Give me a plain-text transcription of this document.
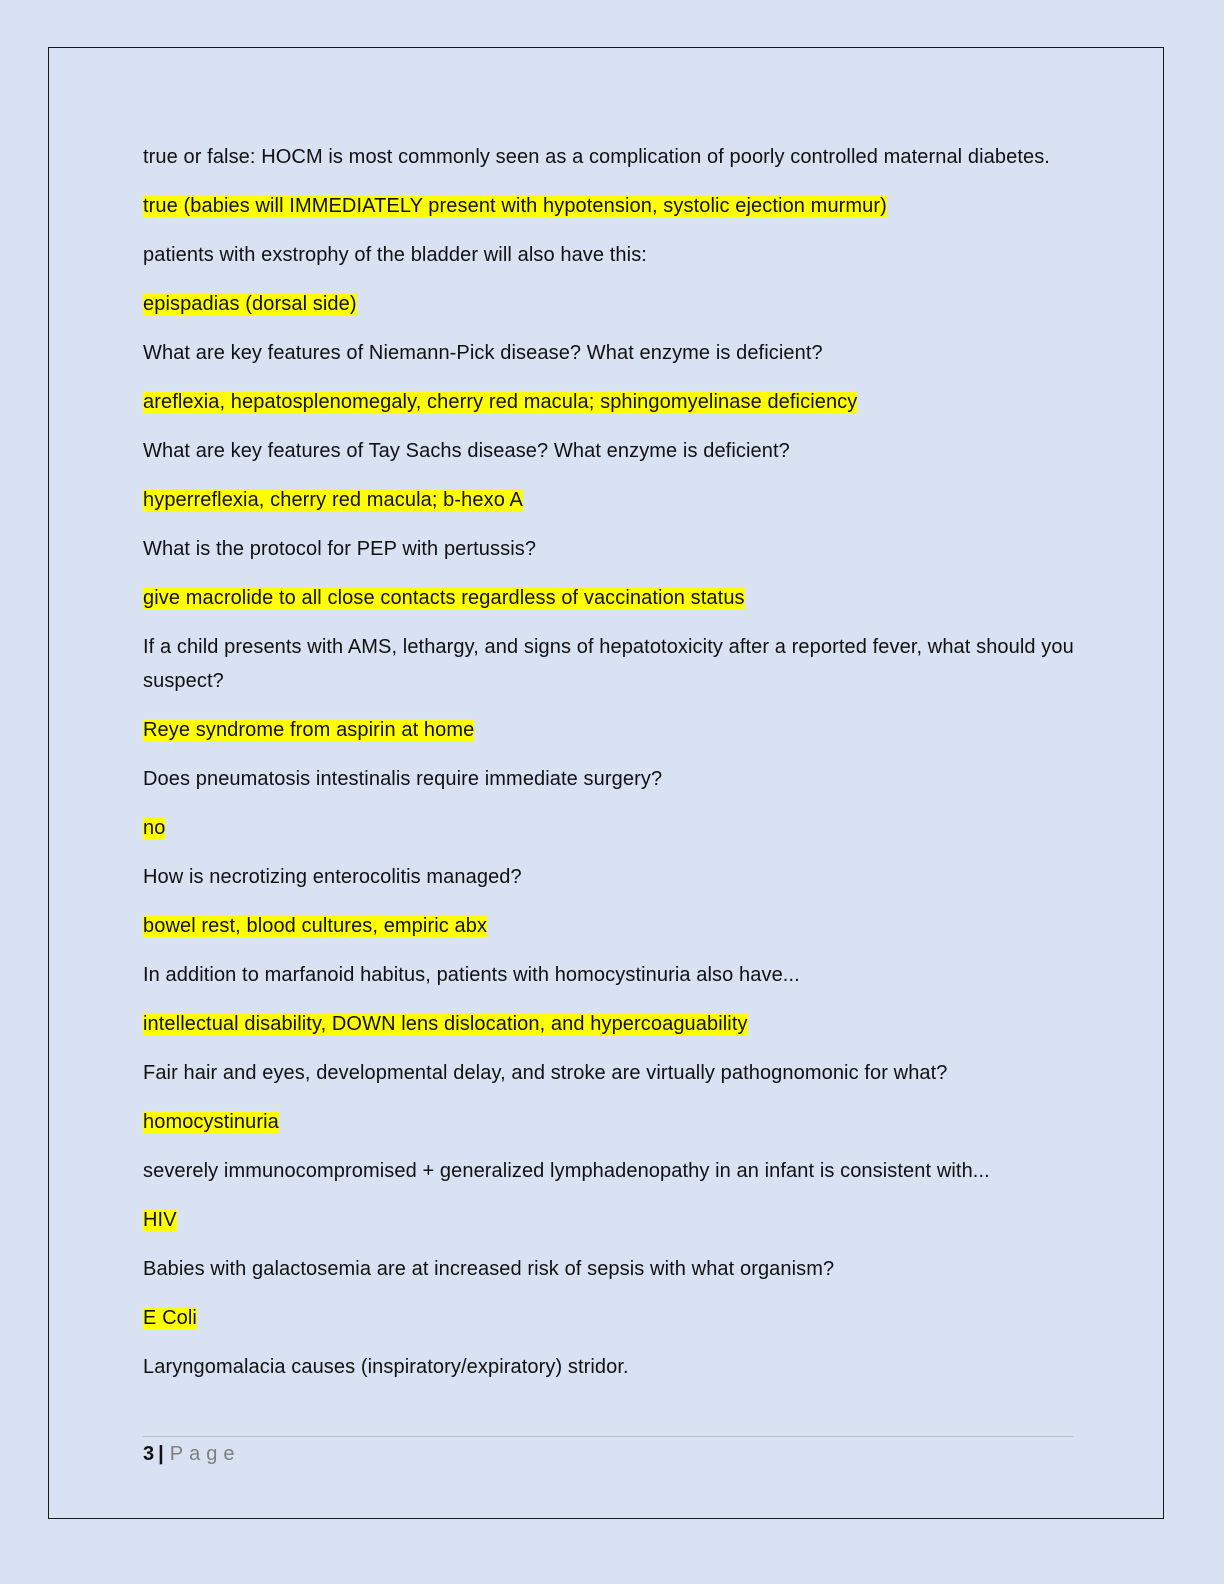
true or false: HOCM is most commonly seen as a complication of poorly controlled maternal diabetes.

true (babies will IMMEDIATELY present with hypotension, systolic ejection murmur)

patients with exstrophy of the bladder will also have this:

epispadias (dorsal side)

What are key features of Niemann-Pick disease? What enzyme is deficient?

areflexia, hepatosplenomegaly, cherry red macula; sphingomyelinase deficiency

What are key features of Tay Sachs disease? What enzyme is deficient?

hyperreflexia, cherry red macula; b-hexo A

What is the protocol for PEP with pertussis?

give macrolide to all close contacts regardless of vaccination status

If a child presents with AMS, lethargy, and signs of hepatotoxicity after a reported fever, what should you suspect?

Reye syndrome from aspirin at home

Does pneumatosis intestinalis require immediate surgery?

no

How is necrotizing enterocolitis managed?

bowel rest, blood cultures, empiric abx

In addition to marfanoid habitus, patients with homocystinuria also have...

intellectual disability, DOWN lens dislocation, and hypercoaguability

Fair hair and eyes, developmental delay, and stroke are virtually pathognomonic for what?

homocystinuria

severely immunocompromised + generalized lymphadenopathy in an infant is consistent with...

HIV

Babies with galactosemia are at increased risk of sepsis with what organism?

E Coli

Laryngomalacia causes (inspiratory/expiratory) stridor.

3 | Page
